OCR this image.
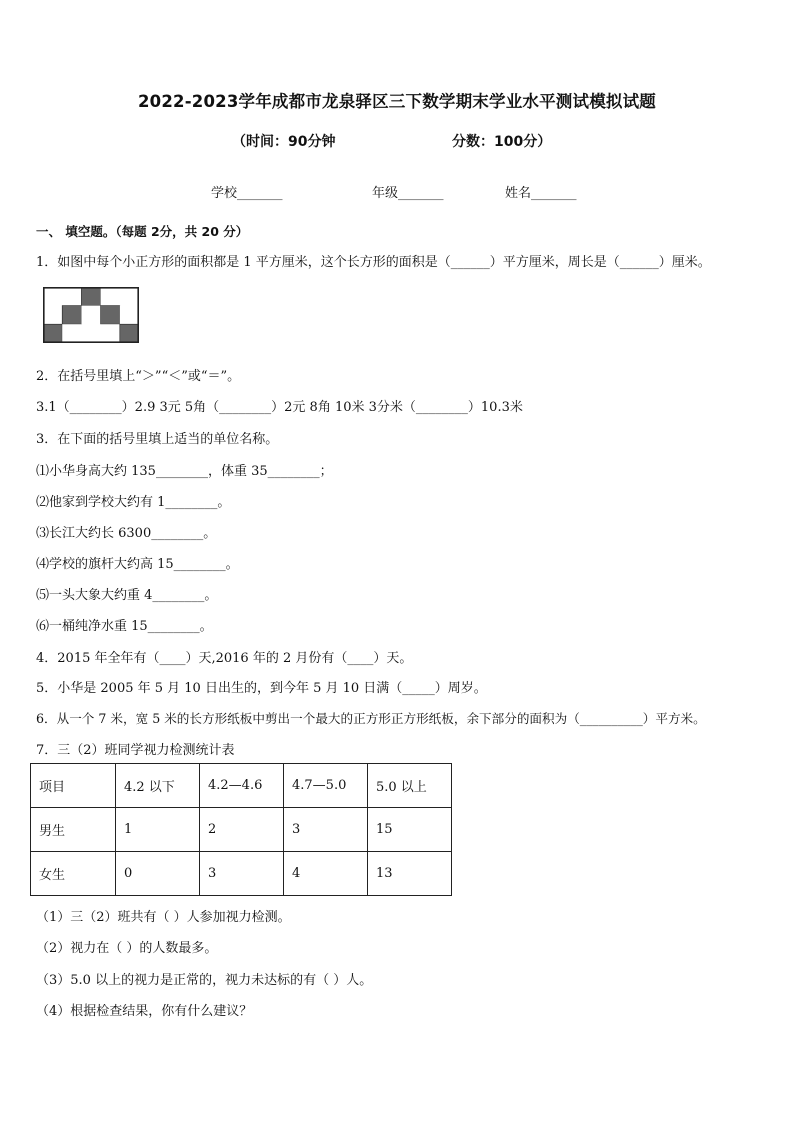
2022-2023学年成都市龙泉驿区三下数学期末学业水平测试模拟试题
（时间：90分钟	分数：100分）
学校_______	年级_______	姓名_______
一、 填空题。（每题 2分，共 20 分）
1．如图中每个小正方形的面积都是 1 平方厘米，这个长方形的面积是（______）平方厘米，周长是（______）厘米。
2．在括号里填上“＞”“＜”或“＝”。
3.1（________）2.9 3元 5角（________）2元 8角 10米 3分米（________）10.3米
3．在下面的括号里填上适当的单位名称。
⑴小华身高大约 135________，体重 35________；
⑵他家到学校大约有 1________。
⑶长江大约长 6300________。
⑷学校的旗杆大约高 15________。
⑸一头大象大约重 4________。
⑹一桶纯净水重 15________。
4．2015 年全年有（____）天,2016 年的 2 月份有（____）天。
5．小华是 2005 年 5 月 10 日出生的，到今年 5 月 10 日满（_____）周岁。
6．从一个 7 米，宽 5 米的长方形纸板中剪出一个最大的正方形正方形纸板，余下部分的面积为（__________）平方米。
7．三（2）班同学视力检测统计表
项目	4.2 以下	4.2—4.6	4.7—5.0	5.0 以上
男生	1	2	3	15
女生	0	3	4	13
（1）三（2）班共有（ ）人参加视力检测。
（2）视力在（ ）的人数最多。
（3）5.0 以上的视力是正常的，视力未达标的有（ ）人。
（4）根据检查结果，你有什么建议？
